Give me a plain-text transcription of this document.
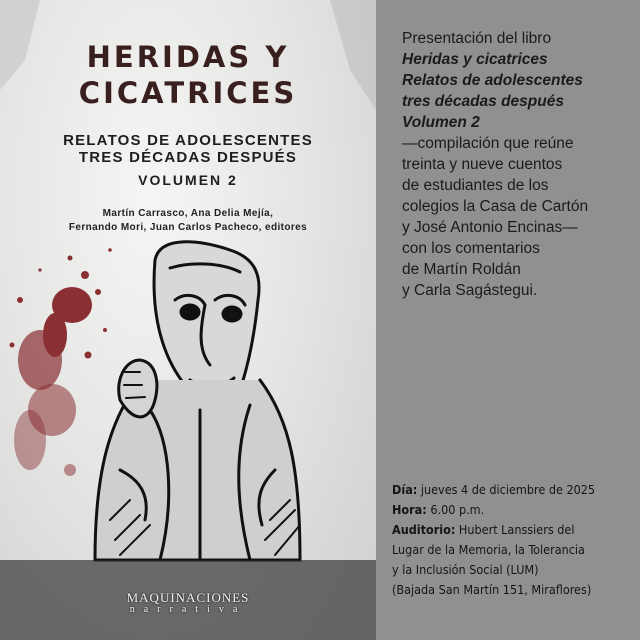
HERIDAS Y
CICATRICES
RELATOS DE ADOLESCENTES
TRES DÉCADAS DESPUÉS
VOLUMEN 2
Martín Carrasco, Ana Delia Mejía,
Fernando Mori, Juan Carlos Pacheco, editores
MAQUINACIONES
narrativa
Presentación del libro
Heridas y cicatrices
Relatos de adolescentes
tres décadas después
Volumen 2
—compilación que reúne
treinta y nueve cuentos
de estudiantes de los
colegios la Casa de Cartón
y José Antonio Encinas—
con los comentarios
de Martín Roldán
y Carla Sagástegui.
Día: jueves 4 de diciembre de 2025
Hora: 6.00 p.m.
Auditorio: Hubert Lanssiers del
Lugar de la Memoria, la Tolerancia
y la Inclusión Social (LUM)
(Bajada San Martín 151, Miraflores)
